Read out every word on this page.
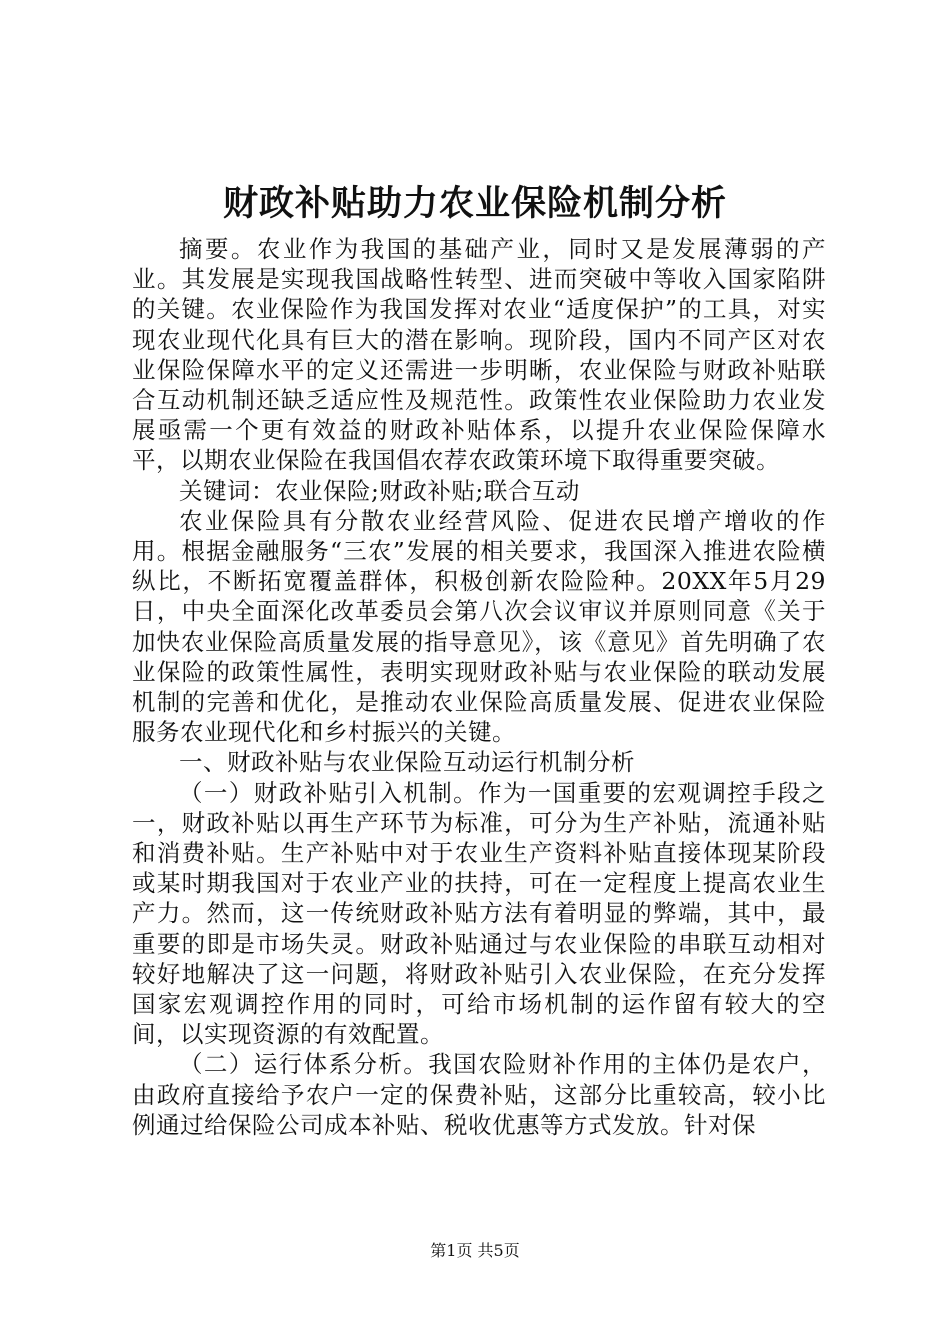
财政补贴助力农业保险机制分析

摘要。农业作为我国的基础产业，同时又是发展薄弱的产业。其发展是实现我国战略性转型、进而突破中等收入国家陷阱的关键。农业保险作为我国发挥对农业“适度保护”的工具，对实现农业现代化具有巨大的潜在影响。现阶段，国内不同产区对农业保险保障水平的定义还需进一步明晰，农业保险与财政补贴联合互动机制还缺乏适应性及规范性。政策性农业保险助力农业发展亟需一个更有效益的财政补贴体系，以提升农业保险保障水平，以期农业保险在我国倡农荐农政策环境下取得重要突破。

关键词：农业保险;财政补贴;联合互动

农业保险具有分散农业经营风险、促进农民增产增收的作用。根据金融服务“三农”发展的相关要求，我国深入推进农险横纵比，不断拓宽覆盖群体，积极创新农险险种。20XX年5月29日，中央全面深化改革委员会第八次会议审议并原则同意《关于加快农业保险高质量发展的指导意见》，该《意见》首先明确了农业保险的政策性属性，表明实现财政补贴与农业保险的联动发展机制的完善和优化，是推动农业保险高质量发展、促进农业保险服务农业现代化和乡村振兴的关键。

一、财政补贴与农业保险互动运行机制分析

（一）财政补贴引入机制。作为一国重要的宏观调控手段之一，财政补贴以再生产环节为标准，可分为生产补贴，流通补贴和消费补贴。生产补贴中对于农业生产资料补贴直接体现某阶段或某时期我国对于农业产业的扶持，可在一定程度上提高农业生产力。然而，这一传统财政补贴方法有着明显的弊端，其中，最重要的即是市场失灵。财政补贴通过与农业保险的串联互动相对较好地解决了这一问题，将财政补贴引入农业保险，在充分发挥国家宏观调控作用的同时，可给市场机制的运作留有较大的空间，以实现资源的有效配置。

（二）运行体系分析。我国农险财补作用的主体仍是农户，由政府直接给予农户一定的保费补贴，这部分比重较高，较小比例通过给保险公司成本补贴、税收优惠等方式发放。针对保

第1页 共5页
